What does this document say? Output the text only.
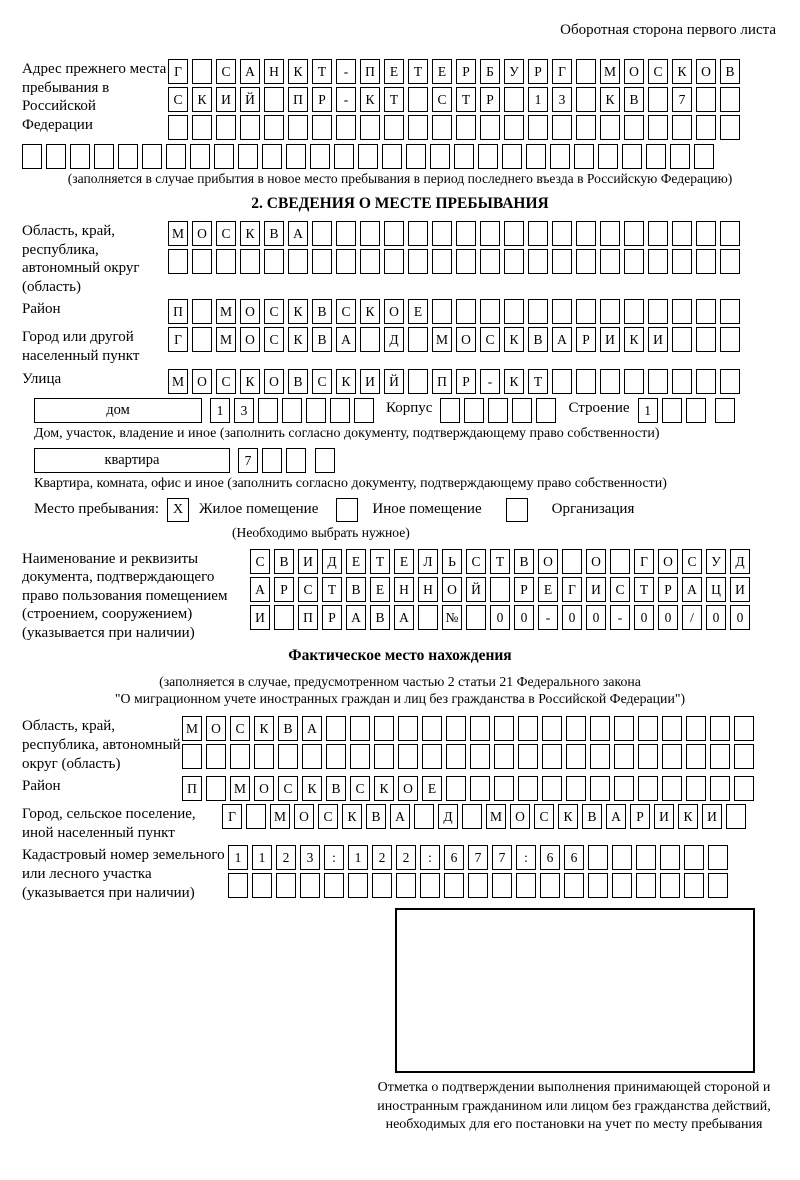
Оборотная сторона первого листа
Адрес прежнего места пребывания в Российской Федерации
Г	С	А	Н	К	Т	-	П	Е	Т	Е	Р	Б	У	Р	Г	М О	С	К	О	В
С	К	И	Й	П	Р	-	К	Т	С	Т	Р	1	3	К	В	7
(заполняется в случае прибытия в новое место пребывания в период последнего въезда в Российскую Федерацию)
2. СВЕДЕНИЯ О МЕСТЕ ПРЕБЫВАНИЯ
Область, край, республика, автономный округ (область)
М О	С	К	В	А
Район	П	М О	С	К	В	С	К	О	Е
Город или другой населенный пункт
Г	М О	С	К	В	А	Д	М О	С	К	В	А	Р	И	К	И
Улица	М О	С	К	О	В	С	К	И	Й	П	Р	-	К	Т
дом	1	3	Корпус	Строение	1
Дом, участок, владение и иное (заполнить согласно документу, подтверждающему право собственности)
квартира	7
Квартира, комната, офис и иное (заполнить согласно документу, подтверждающему право собственности)
Место пребывания: X	Жилое помещение	Иное помещение	Организация
(Необходимо выбрать нужное)
Наименование и реквизиты документа, подтверждающего право пользования помещением (строением, сооружением) (указывается при наличии)
С	В	И	Д	Е	Т	Е	Л	Ь	С	Т	В	О	О	Г	О	С	У	Д
А	Р	С	Т	В	Е	Н	Н	О	Й	Р	Е	Г	И	С	Т	Р	А	Ц	И
И	П	Р	А	В	А	№	0	0	-	0	0	-	0	0	/	0	0
Фактическое место нахождения
(заполняется в случае, предусмотренном частью 2 статьи 21 Федерального закона
"О миграционном учете иностранных граждан и лиц без гражданства в Российской Федерации")
Область, край, республика, автономный округ (область)
М О	С	К	В	А
Район	П	М О	С	К	В	С	К	О	Е
Город, сельское поселение, иной населенный пункт
Г	М О	С	К	В	А	Д	М О	С	К	В	А	Р	И	К	И
Кадастровый номер земельного или лесного участка (указывается при наличии)
1	1	2	3	:	1	2	2	:	6	7	7	:	6	6
Отметка о подтверждении выполнения принимающей стороной и иностранным гражданином или лицом без гражданства действий, необходимых для его постановки на учет по месту пребывания
